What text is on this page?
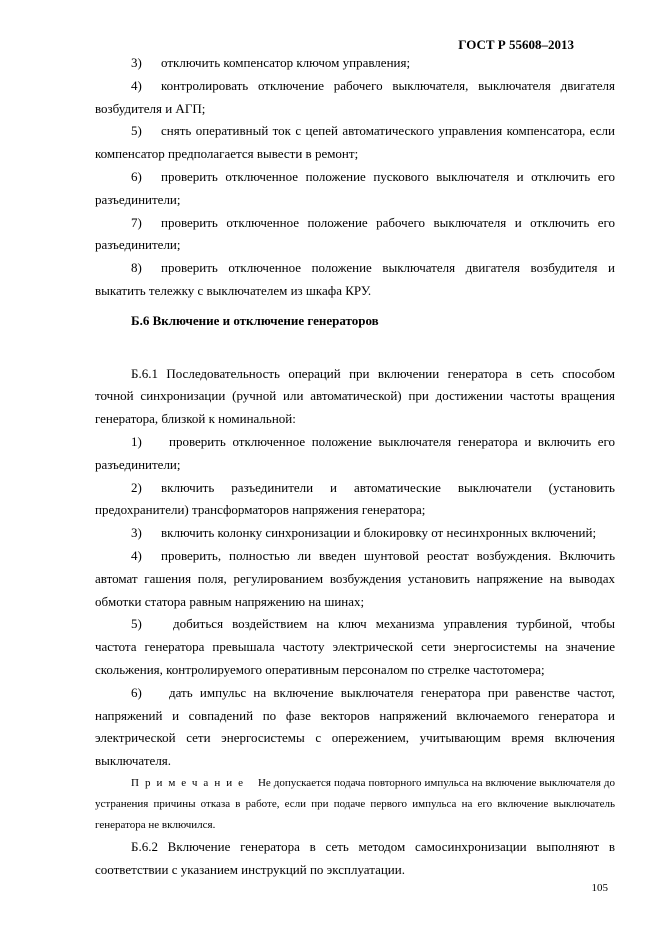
ГОСТ Р 55608–2013

3) отключить компенсатор ключом управления;

4) контролировать отключение рабочего выключателя, выключателя двигателя возбудителя и АГП;

5) снять оперативный ток с цепей автоматического управления компенсатора, если компенсатор предполагается вывести в ремонт;

6) проверить отключенное положение пускового выключателя и отключить его разъединители;

7) проверить отключенное положение рабочего выключателя и отключить его разъединители;

8) проверить отключенное положение выключателя двигателя возбудителя и выкатить тележку с выключателем из шкафа КРУ.

Б.6 Включение и отключение генераторов

Б.6.1 Последовательность операций при включении генератора в сеть способом точной синхронизации (ручной или автоматической) при достижении частоты вращения генератора, близкой к номинальной:

1) проверить отключенное положение выключателя генератора и включить его разъединители;

2) включить разъединители и автоматические выключатели (установить предохранители) трансформаторов напряжения генератора;

3) включить колонку синхронизации и блокировку от несинхронных включений;

4) проверить, полностью ли введен шунтовой реостат возбуждения. Включить автомат гашения поля, регулированием возбуждения установить напряжение на выводах обмотки статора равным напряжению на шинах;

5) добиться воздействием на ключ механизма управления турбиной, чтобы частота генератора превышала частоту электрической сети энергосистемы на значение скольжения, контролируемого оперативным персоналом по стрелке частотомера;

6) дать импульс на включение выключателя генератора при равенстве частот, напряжений и совпадений по фазе векторов напряжений включаемого генератора и электрической сети энергосистемы с опережением, учитывающим время включения выключателя.

Примечание Не допускается подача повторного импульса на включение выключателя до устранения причины отказа в работе, если при подаче первого импульса на его включение выключатель генератора не включился.

Б.6.2 Включение генератора в сеть методом самосинхронизации выполняют в соответствии с указанием инструкций по эксплуатации.

105
